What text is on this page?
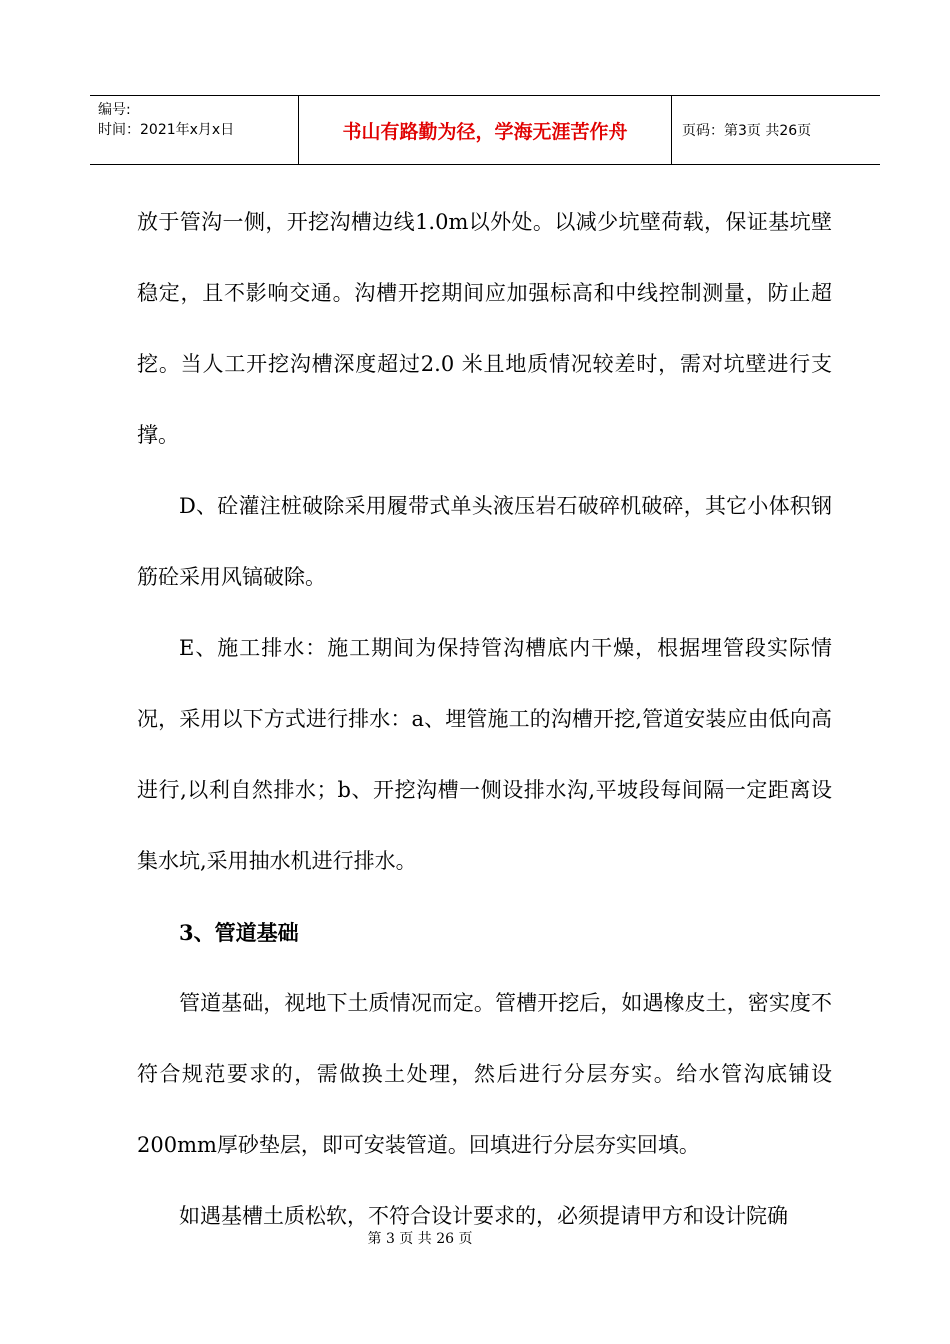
编号:
时间：2021年x月x日	书山有路勤为径，学海无涯苦作舟	页码：第3页 共26页

放于管沟一侧，开挖沟槽边线1.0m以外处。以减少坑壁荷载，保证基坑壁稳定，且不影响交通。沟槽开挖期间应加强标高和中线控制测量，防止超挖。当人工开挖沟槽深度超过2.0 米且地质情况较差时，需对坑壁进行支撑。

D、砼灌注桩破除采用履带式单头液压岩石破碎机破碎，其它小体积钢筋砼采用风镐破除。

E、施工排水：施工期间为保持管沟槽底内干燥，根据埋管段实际情况，采用以下方式进行排水：a、埋管施工的沟槽开挖,管道安装应由低向高进行,以利自然排水；b、开挖沟槽一侧设排水沟,平坡段每间隔一定距离设集水坑,采用抽水机进行排水。

3、管道基础

管道基础，视地下土质情况而定。管槽开挖后，如遇橡皮土，密实度不符合规范要求的，需做换土处理，然后进行分层夯实。给水管沟底铺设200mm厚砂垫层，即可安装管道。回填进行分层夯实回填。

如遇基槽土质松软，不符合设计要求的，必须提请甲方和设计院确

第 3 页 共 26 页
